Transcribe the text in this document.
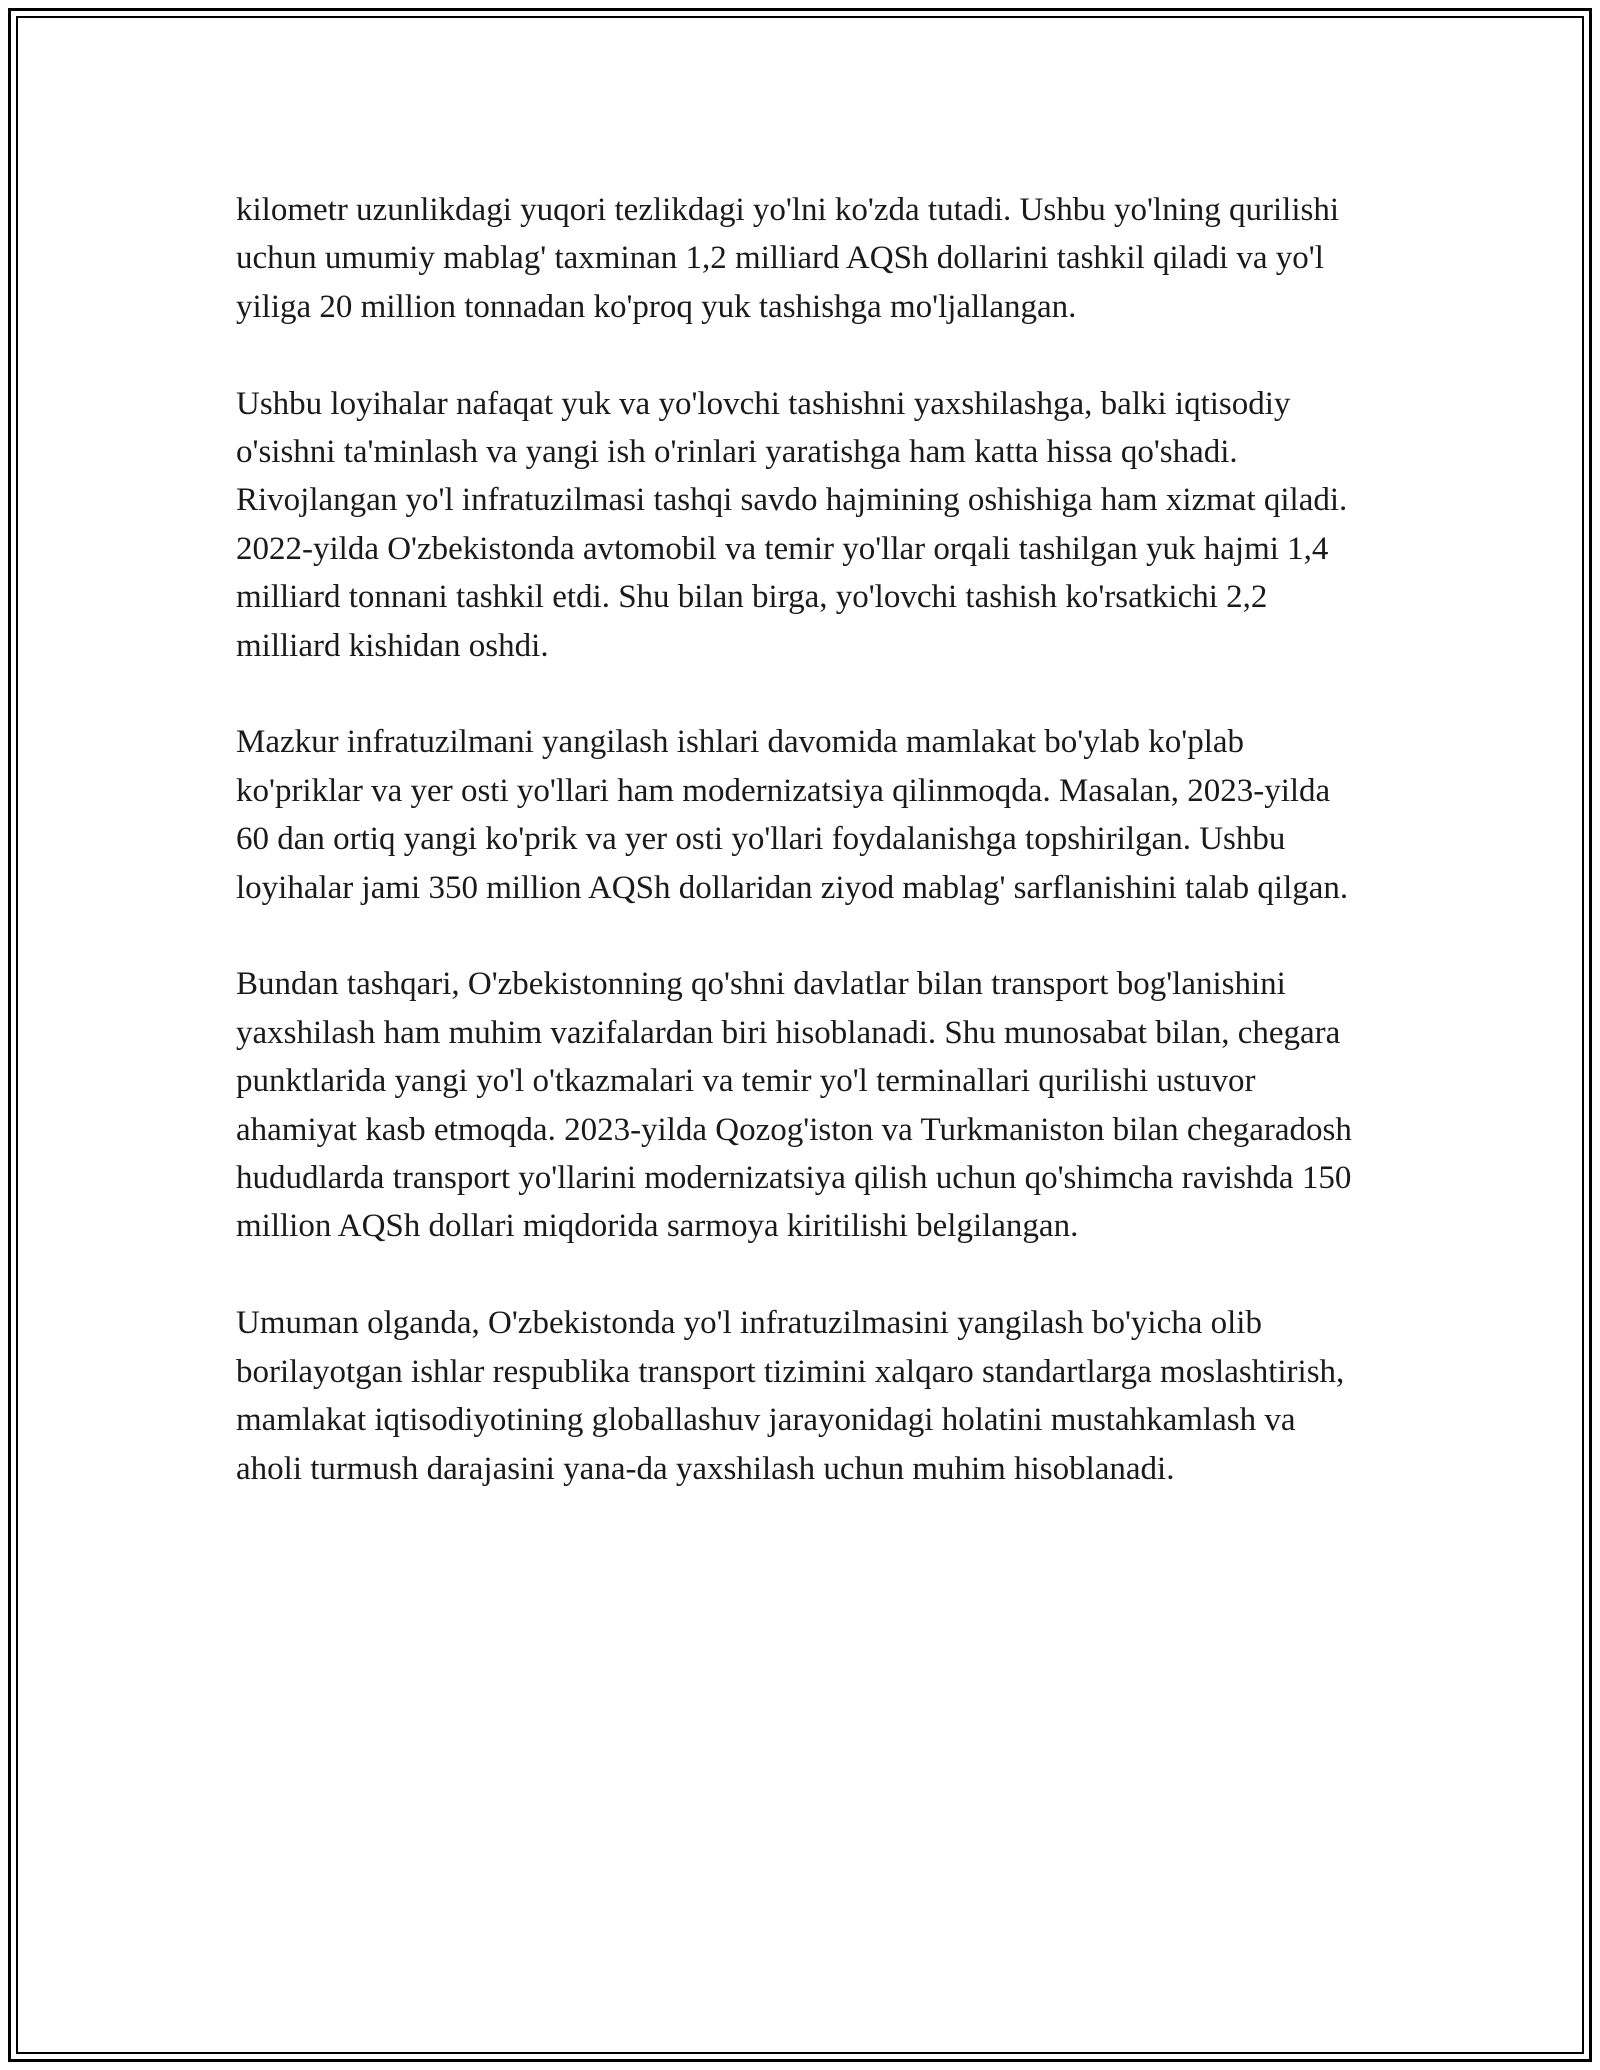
kilometr uzunlikdagi yuqori tezlikdagi yo'lni ko'zda tutadi. Ushbu yo'lning qurilishi uchun umumiy mablag' taxminan 1,2 milliard AQSh dollarini tashkil qiladi va yo'l yiliga 20 million tonnadan ko'proq yuk tashishga mo'ljallangan.

Ushbu loyihalar nafaqat yuk va yo'lovchi tashishni yaxshilashga, balki iqtisodiy o'sishni ta'minlash va yangi ish o'rinlari yaratishga ham katta hissa qo'shadi. Rivojlangan yo'l infratuzilmasi tashqi savdo hajmining oshishiga ham xizmat qiladi. 2022-yilda O'zbekistonda avtomobil va temir yo'llar orqali tashilgan yuk hajmi 1,4 milliard tonnani tashkil etdi. Shu bilan birga, yo'lovchi tashish ko'rsatkichi 2,2 milliard kishidan oshdi.

Mazkur infratuzilmani yangilash ishlari davomida mamlakat bo'ylab ko'plab ko'priklar va yer osti yo'llari ham modernizatsiya qilinmoqda. Masalan, 2023-yilda 60 dan ortiq yangi ko'prik va yer osti yo'llari foydalanishga topshirilgan. Ushbu loyihalar jami 350 million AQSh dollaridan ziyod mablag' sarflanishini talab qilgan.

Bundan tashqari, O'zbekistonning qo'shni davlatlar bilan transport bog'lanishini yaxshilash ham muhim vazifalardan biri hisoblanadi. Shu munosabat bilan, chegara punktlarida yangi yo'l o'tkazmalari va temir yo'l terminallari qurilishi ustuvor ahamiyat kasb etmoqda. 2023-yilda Qozog'iston va Turkmaniston bilan chegaradosh hududlarda transport yo'llarini modernizatsiya qilish uchun qo'shimcha ravishda 150 million AQSh dollari miqdorida sarmoya kiritilishi belgilangan.

Umuman olganda, O'zbekistonda yo'l infratuzilmasini yangilash bo'yicha olib borilayotgan ishlar respublika transport tizimini xalqaro standartlarga moslashtirish, mamlakat iqtisodiyotining globallashuv jarayonidagi holatini mustahkamlash va aholi turmush darajasini yana-da yaxshilash uchun muhim hisoblanadi.
